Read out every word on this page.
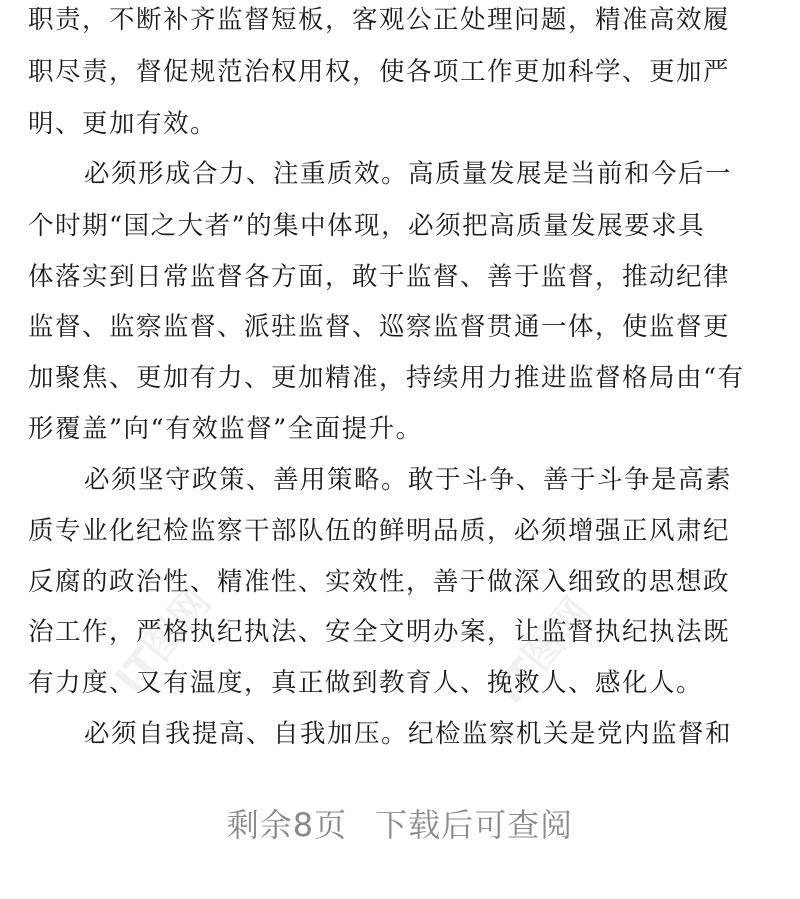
职责，不断补齐监督短板，客观公正处理问题，精准高效履
职尽责，督促规范治权用权，使各项工作更加科学、更加严
明、更加有效。
必须形成合力、注重质效。高质量发展是当前和今后一
个时期“国之大者”的集中体现，必须把高质量发展要求具
体落实到日常监督各方面，敢于监督、善于监督，推动纪律
监督、监察监督、派驻监督、巡察监督贯通一体，使监督更
加聚焦、更加有力、更加精准，持续用力推进监督格局由“有
形覆盖”向“有效监督”全面提升。
必须坚守政策、善用策略。敢于斗争、善于斗争是高素
质专业化纪检监察干部队伍的鲜明品质，必须增强正风肃纪
反腐的政治性、精准性、实效性，善于做深入细致的思想政
治工作，严格执纪执法、安全文明办案，让监督执纪执法既
有力度、又有温度，真正做到教育人、挽救人、感化人。
必须自我提高、自我加压。纪检监察机关是党内监督和
IT图网	IT图网
剩余8页 下载后可查阅
